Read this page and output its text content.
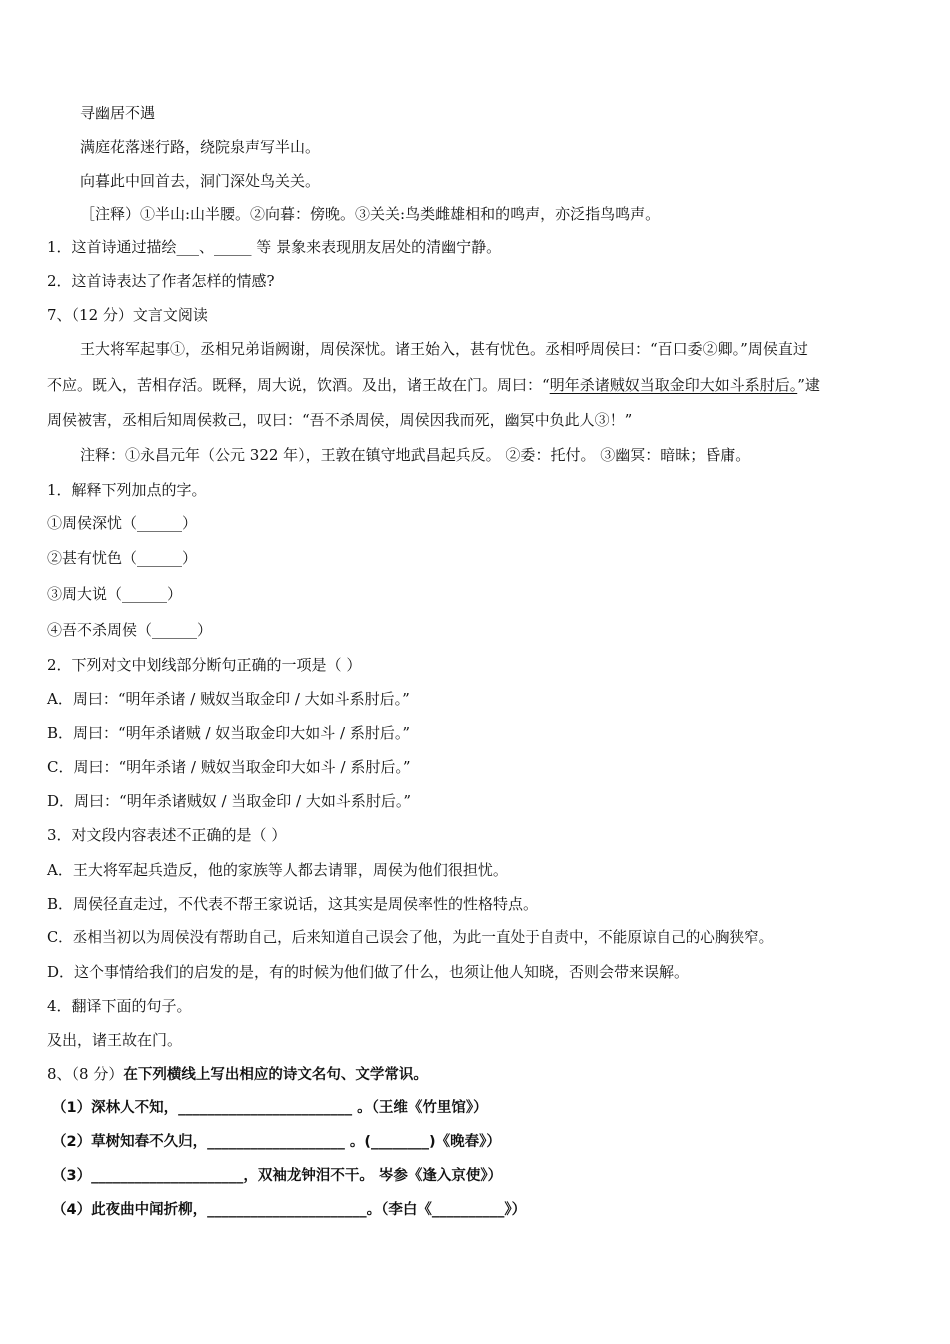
寻幽居不遇
满庭花落迷行路，绕院泉声写半山。
向暮此中回首去，洞门深处鸟关关。
［注释）①半山:山半腰。②向暮：傍晚。③关关:鸟类雌雄相和的鸣声，亦泛指鸟鸣声。
1．这首诗通过描绘___、_____ 等 景象来表现朋友居处的清幽宁静。
2．这首诗表达了作者怎样的情感?
7、（12 分）文言文阅读
王大将军起事①，丞相兄弟诣阙谢，周侯深忧。诸王始入，甚有忧色。丞相呼周侯曰：“百口委②卿。”周侯直过
不应。既入，苦相存活。既释，周大说，饮酒。及出，诸王故在门。周曰：“明年杀诸贼奴当取金印大如斗系肘后。”逮
周侯被害，丞相后知周侯救己，叹曰：“吾不杀周侯，周侯因我而死，幽冥中负此人③！”
注释：①永昌元年（公元 322 年），王敦在镇守地武昌起兵反。 ②委：托付。 ③幽冥：暗昧；昏庸。
1．解释下列加点的字。
①周侯深忧（______）
②甚有忧色（______）
③周大说（______）
④吾不杀周侯（______）
2．下列对文中划线部分断句正确的一项是（ ）
A．周曰：“明年杀诸 / 贼奴当取金印 / 大如斗系肘后。”
B．周曰：“明年杀诸贼 / 奴当取金印大如斗 / 系肘后。”
C．周曰：“明年杀诸 / 贼奴当取金印大如斗 / 系肘后。”
D．周曰：“明年杀诸贼奴 / 当取金印 / 大如斗系肘后。”
3．对文段内容表述不正确的是（ ）
A．王大将军起兵造反，他的家族等人都去请罪，周侯为他们很担忧。
B．周侯径直走过，不代表不帮王家说话，这其实是周侯率性的性格特点。
C．丞相当初以为周侯没有帮助自己，后来知道自己误会了他，为此一直处于自责中，不能原谅自己的心胸狭窄。
D．这个事情给我们的启发的是，有的时候为他们做了什么，也须让他人知晓，否则会带来误解。
4．翻译下面的句子。
及出，诸王故在门。
8、（8 分）在下列横线上写出相应的诗文名句、文学常识。
（1）深林人不知，________________________ 。（王维《竹里馆》）
（2）草树知春不久归，___________________ 。(________)《晚春》）
（3）_____________________，双袖龙钟泪不干。 岑参《逢入京使》）
（4）此夜曲中闻折柳，______________________。（李白《__________》）
